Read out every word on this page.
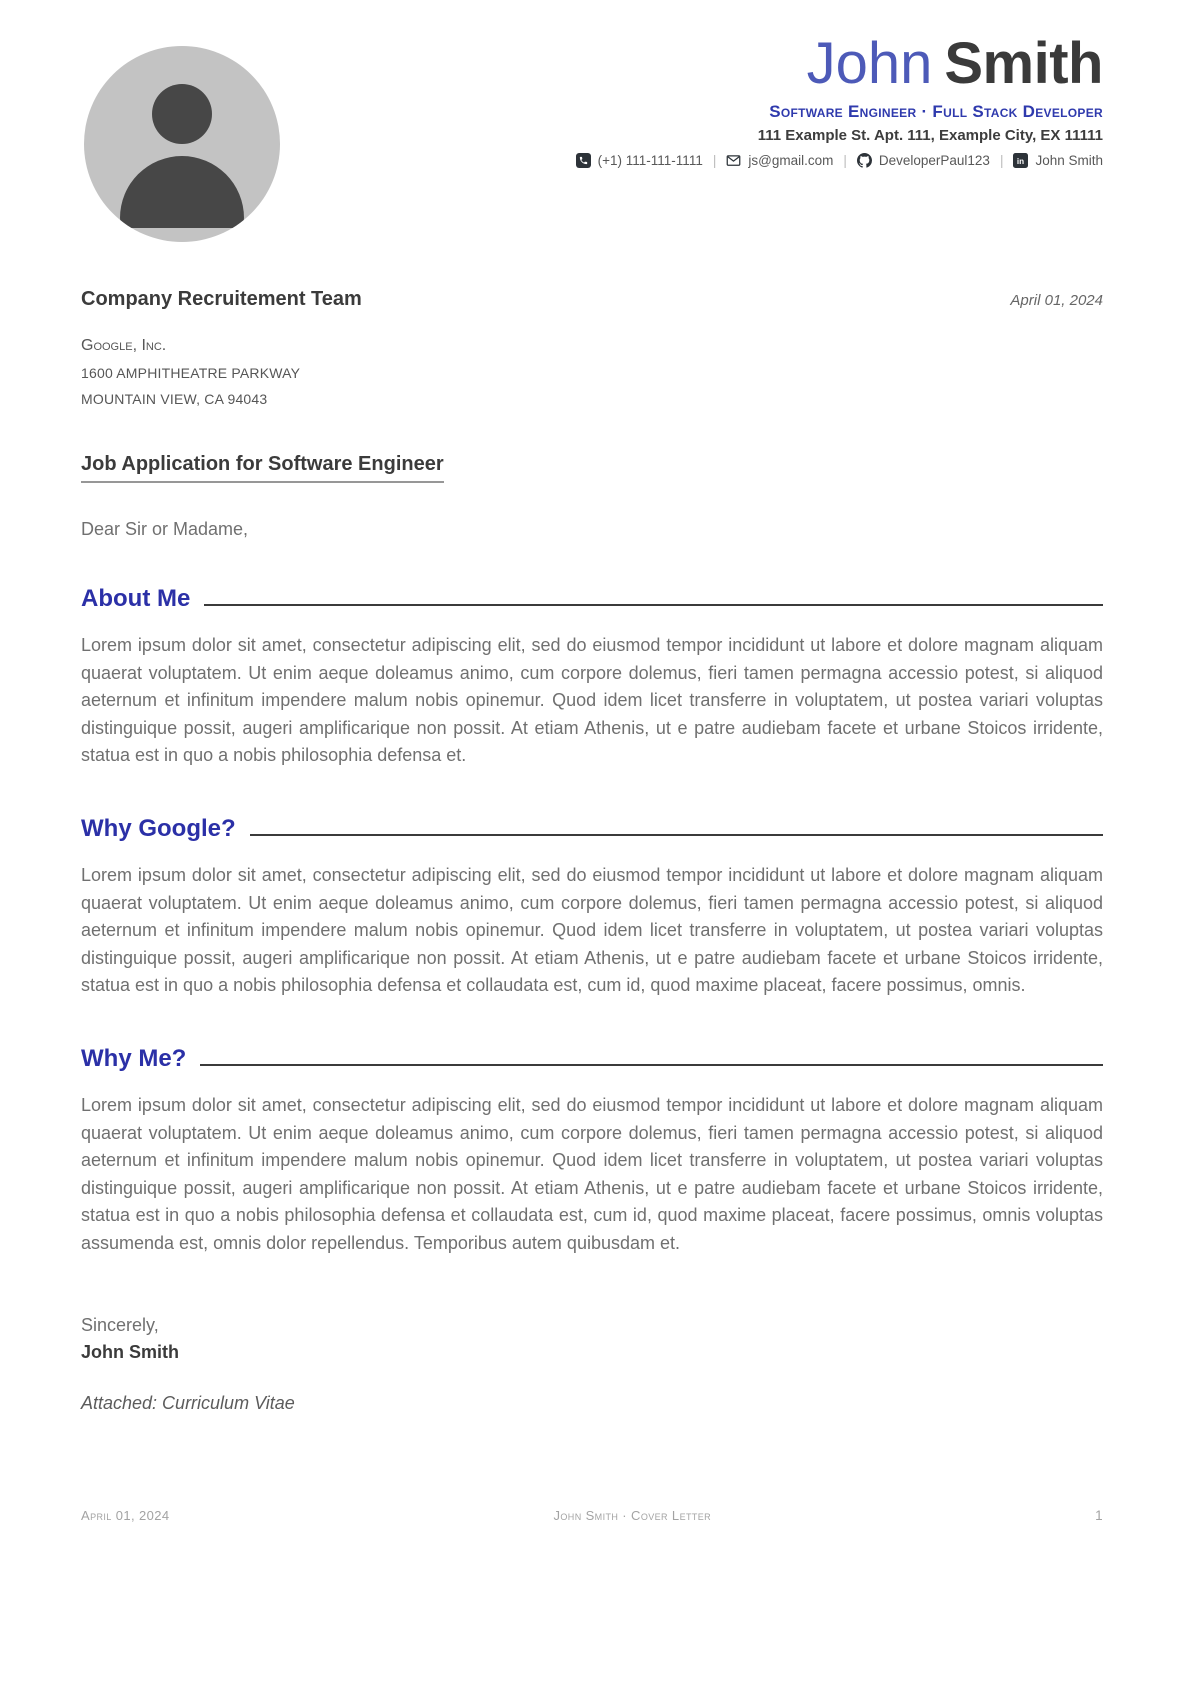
John Smith
Software Engineer · Full Stack Developer
111 Example St. Apt. 111, Example City, EX 11111
(+1) 111-111-1111 | js@gmail.com | DeveloperPaul123 | in John Smith
Company Recruitement Team	April 01, 2024
Google, Inc.
1600 AMPHITHEATRE PARKWAY
MOUNTAIN VIEW, CA 94043
Job Application for Software Engineer
Dear Sir or Madame,
About Me

Lorem ipsum dolor sit amet, consectetur adipiscing elit, sed do eiusmod tempor incididunt ut labore et dolore magnam aliquam quaerat voluptatem. Ut enim aeque doleamus animo, cum corpore dolemus, fieri tamen permagna accessio potest, si aliquod aeternum et infinitum impendere malum nobis opinemur. Quod idem licet transferre in voluptatem, ut postea variari voluptas distinguique possit, augeri amplificarique non possit. At etiam Athenis, ut e patre audiebam facete et urbane Stoicos irridente, statua est in quo a nobis philosophia defensa et.

Why Google?

Lorem ipsum dolor sit amet, consectetur adipiscing elit, sed do eiusmod tempor incididunt ut labore et dolore magnam aliquam quaerat voluptatem. Ut enim aeque doleamus animo, cum corpore dolemus, fieri tamen permagna accessio potest, si aliquod aeternum et infinitum impendere malum nobis opinemur. Quod idem licet transferre in voluptatem, ut postea variari voluptas distinguique possit, augeri amplificarique non possit. At etiam Athenis, ut e patre audiebam facete et urbane Stoicos irridente, statua est in quo a nobis philosophia defensa et collaudata est, cum id, quod maxime placeat, facere possimus, omnis.

Why Me?

Lorem ipsum dolor sit amet, consectetur adipiscing elit, sed do eiusmod tempor incididunt ut labore et dolore magnam aliquam quaerat voluptatem. Ut enim aeque doleamus animo, cum corpore dolemus, fieri tamen permagna accessio potest, si aliquod aeternum et infinitum impendere malum nobis opinemur. Quod idem licet transferre in voluptatem, ut postea variari voluptas distinguique possit, augeri amplificarique non possit. At etiam Athenis, ut e patre audiebam facete et urbane Stoicos irridente, statua est in quo a nobis philosophia defensa et collaudata est, cum id, quod maxime placeat, facere possimus, omnis voluptas assumenda est, omnis dolor repellendus. Temporibus autem quibusdam et.

Sincerely,
John Smith
Attached: Curriculum Vitae
April 01, 2024	John Smith · Cover Letter	1
